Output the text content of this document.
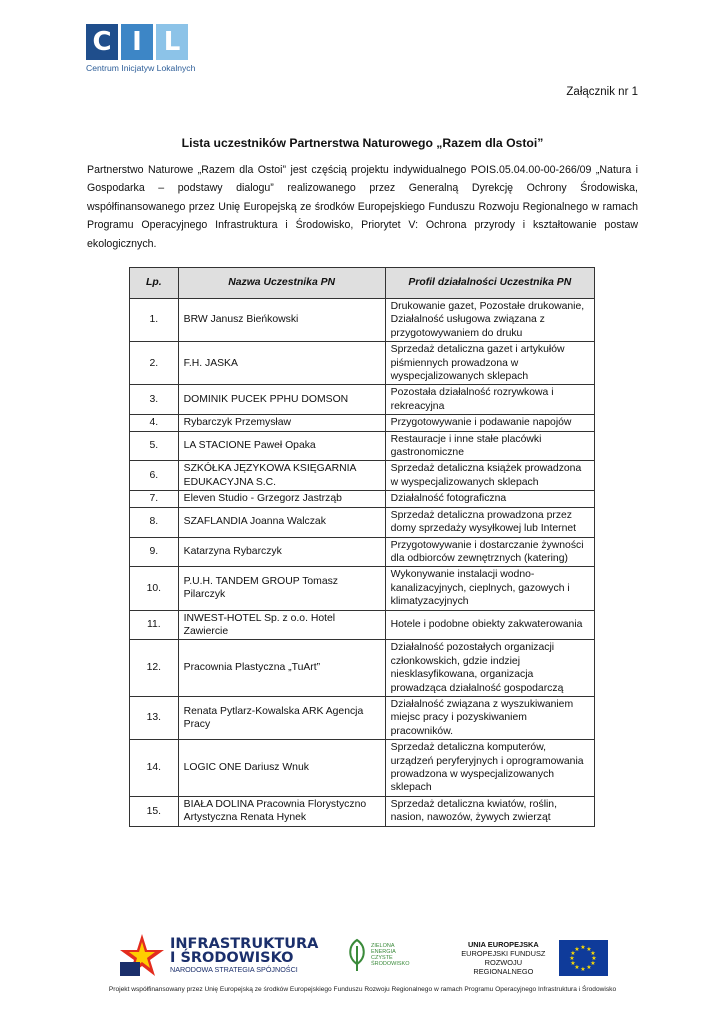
C I L
Centrum Inicjatyw Lokalnych
Załącznik nr 1
Lista uczestników Partnerstwa Naturowego „Razem dla Ostoi”
Partnerstwo Naturowe „Razem dla Ostoi” jest częścią projektu indywidualnego POIS.05.04.00-00-266/09 „Natura i Gospodarka – podstawy dialogu” realizowanego przez Generalną Dyrekcję Ochrony Środowiska, współfinansowanego przez Unię Europejską ze środków Europejskiego Funduszu Rozwoju Regionalnego w ramach Programu Operacyjnego Infrastruktura i Środowisko, Priorytet V: Ochrona przyrody i kształtowanie postaw ekologicznych.
Lp.	Nazwa Uczestnika PN	Profil działalności Uczestnika PN
1.	BRW Janusz Bieńkowski	Drukowanie gazet, Pozostałe drukowanie, Działalność usługowa związana z przygotowywaniem do druku
2.	F.H. JASKA	Sprzedaż detaliczna gazet i artykułów piśmiennych prowadzona w wyspecjalizowanych sklepach
3.	DOMINIK PUCEK PPHU DOMSON	Pozostała działalność rozrywkowa i rekreacyjna
4.	Rybarczyk Przemysław	Przygotowywanie i podawanie napojów
5.	LA STACIONE Paweł Opaka	Restauracje i inne stałe placówki gastronomiczne
6.	SZKÓŁKA JĘZYKOWA KSIĘGARNIA EDUKACYJNA S.C.	Sprzedaż detaliczna książek prowadzona w wyspecjalizowanych sklepach
7.	Eleven Studio - Grzegorz Jastrząb	Działalność fotograficzna
8.	SZAFLANDIA Joanna Walczak	Sprzedaż detaliczna prowadzona przez domy sprzedaży wysyłkowej lub Internet
9.	Katarzyna Rybarczyk	Przygotowywanie i dostarczanie żywności dla odbiorców zewnętrznych (katering)
10.	P.U.H. TANDEM GROUP Tomasz Pilarczyk	Wykonywanie instalacji wodno-kanalizacyjnych, cieplnych, gazowych i klimatyzacyjnych
11.	INWEST-HOTEL Sp. z o.o. Hotel Zawiercie	Hotele i podobne obiekty zakwaterowania
12.	Pracownia Plastyczna „TuArt”	Działalność pozostałych organizacji członkowskich, gdzie indziej niesklasyfikowana, organizacja prowadząca działalność gospodarczą
13.	Renata Pytlarz-Kowalska ARK Agencja Pracy	Działalność związana z wyszukiwaniem miejsc pracy i pozyskiwaniem pracowników.
14.	LOGIC ONE Dariusz Wnuk	Sprzedaż detaliczna komputerów, urządzeń peryferyjnych i oprogramowania prowadzona w wyspecjalizowanych sklepach
15.	BIAŁA DOLINA Pracownia Florystyczno Artystyczna Renata Hynek	Sprzedaż detaliczna kwiatów, roślin, nasion, nawozów, żywych zwierząt
INFRASTRUKTURA
I ŚRODOWISKO
NARODOWA STRATEGIA SPÓJNOŚCI
ZIELONA ENERGIA CZYSTE ŚRODOWISKO
UNIA EUROPEJSKA
EUROPEJSKI FUNDUSZ
ROZWOJU REGIONALNEGO
★ ★
★
★
★
★
★
★
★
★
★
★
Projekt współfinansowany przez Unię Europejską ze środków Europejskiego Funduszu Rozwoju Regionalnego w ramach Programu Operacyjnego Infrastruktura i Środowisko
